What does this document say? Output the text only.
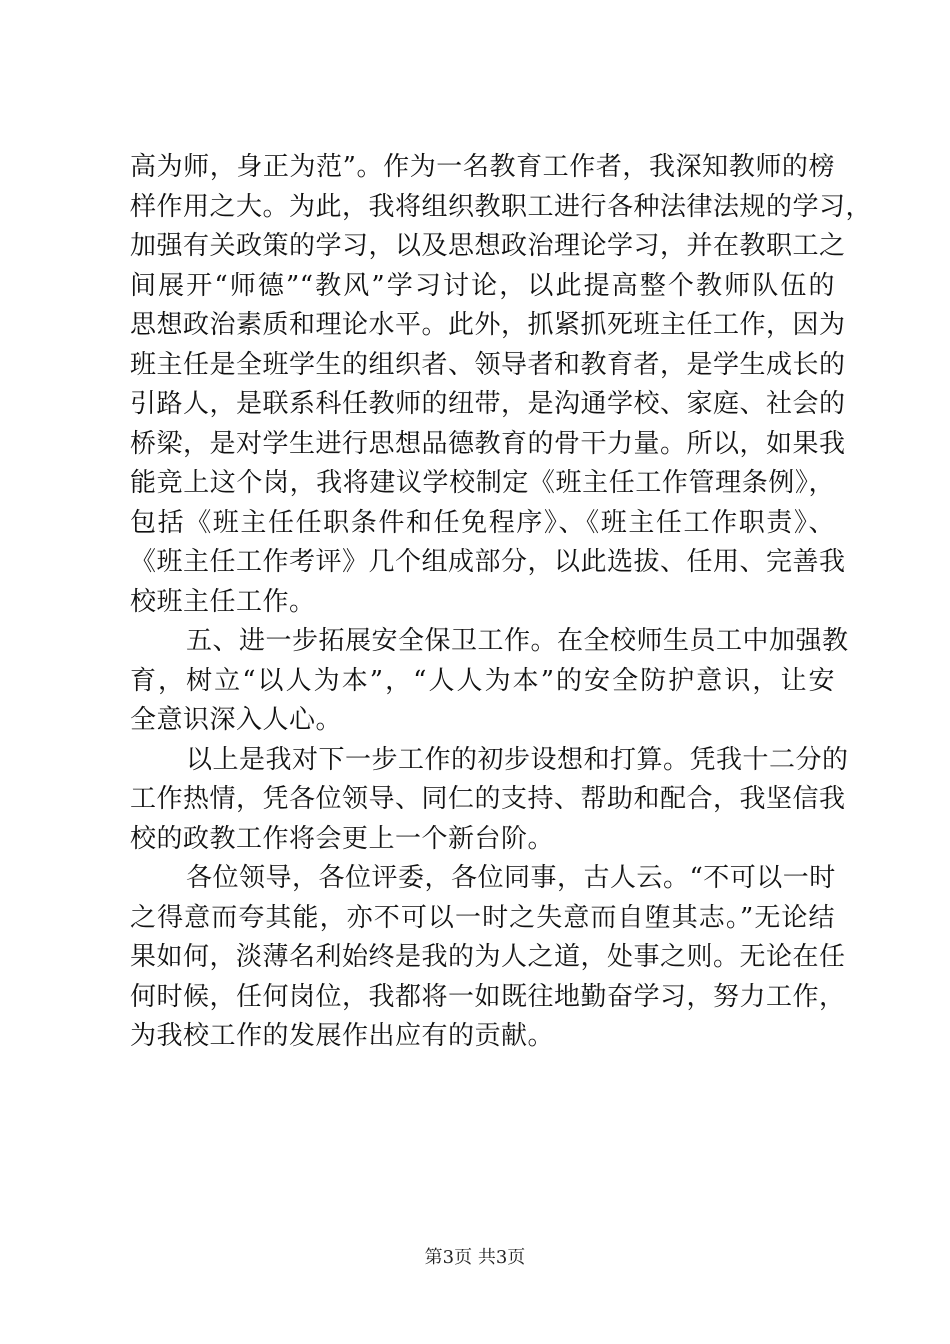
高为师，身正为范”。作为一名教育工作者，我深知教师的榜
样作用之大。为此，我将组织教职工进行各种法律法规的学习，
加强有关政策的学习，以及思想政治理论学习，并在教职工之
间展开“师德”“教风”学习讨论，以此提高整个教师队伍的
思想政治素质和理论水平。此外，抓紧抓死班主任工作，因为
班主任是全班学生的组织者、领导者和教育者，是学生成长的
引路人，是联系科任教师的纽带，是沟通学校、家庭、社会的
桥梁，是对学生进行思想品德教育的骨干力量。所以，如果我
能竞上这个岗，我将建议学校制定《班主任工作管理条例》，
包括《班主任任职条件和任免程序》、《班主任工作职责》、
《班主任工作考评》几个组成部分，以此选拔、任用、完善我
校班主任工作。
五、进一步拓展安全保卫工作。在全校师生员工中加强教
育，树立“以人为本”，“人人为本”的安全防护意识，让安
全意识深入人心。
以上是我对下一步工作的初步设想和打算。凭我十二分的
工作热情，凭各位领导、同仁的支持、帮助和配合，我坚信我
校的政教工作将会更上一个新台阶。
各位领导，各位评委，各位同事，古人云。“不可以一时
之得意而夸其能，亦不可以一时之失意而自堕其志。”无论结
果如何，淡薄名利始终是我的为人之道，处事之则。无论在任
何时候，任何岗位，我都将一如既往地勤奋学习，努力工作，
为我校工作的发展作出应有的贡献。
第3页 共3页
